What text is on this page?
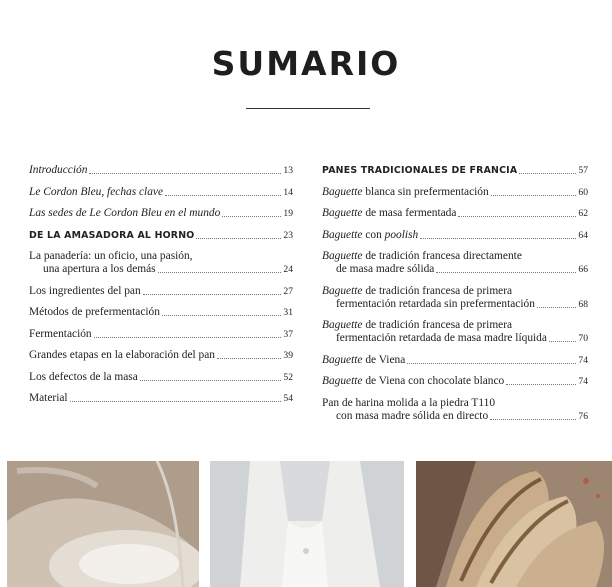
SUMARIO
Introducción	13
Le Cordon Bleu, fechas clave	14
Las sedes de Le Cordon Bleu en el mundo	19
DE LA AMASADORA AL HORNO	23
La panadería: un oficio, una pasión,
una apertura a los demás	24
Los ingredientes del pan	27
Métodos de prefermentación	31
Fermentación	37
Grandes etapas en la elaboración del pan	39
Los defectos de la masa	52
Material	54
PANES TRADICIONALES DE FRANCIA	57
Baguette blanca sin prefermentación	60
Baguette de masa fermentada	62
Baguette con poolish	64
Baguette de tradición francesa directamente
de masa madre sólida	66
Baguette de tradición francesa de primera
fermentación retardada sin prefermentación	68
Baguette de tradición francesa de primera
fermentación retardada de masa madre líquida	70
Baguette de Viena	74
Baguette de Viena con chocolate blanco	74
Pan de harina molida a la piedra T110
con masa madre sólida en directo	76
